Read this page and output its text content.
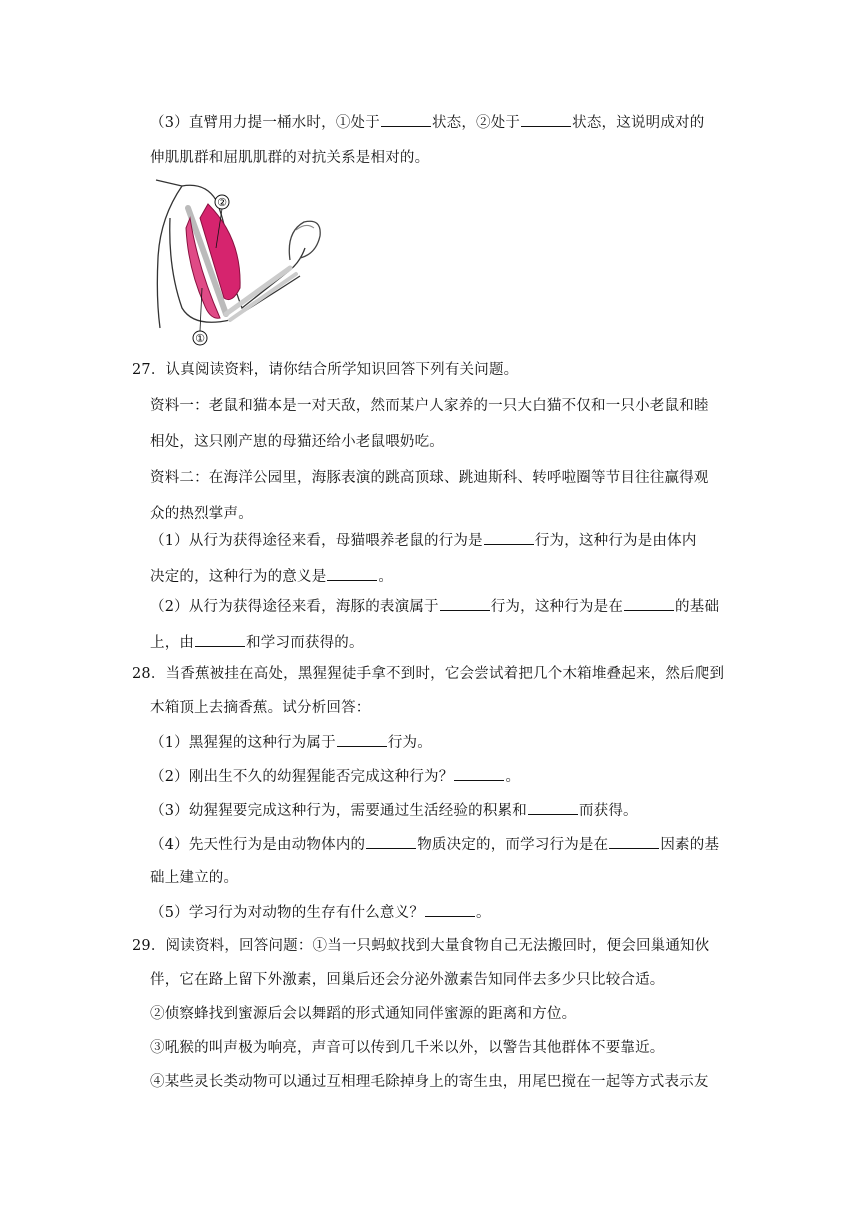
（3）直臂用力提一桶水时，①处于	状态，②处于	状态，这说明成对的
伸肌肌群和屈肌肌群的对抗关系是相对的。
②
①
27．认真阅读资料，请你结合所学知识回答下列有关问题。
资料一：老鼠和猫本是一对天敌，然而某户人家养的一只大白猫不仅和一只小老鼠和睦
相处，这只刚产崽的母猫还给小老鼠喂奶吃。
资料二：在海洋公园里，海豚表演的跳高顶球、跳迪斯科、转呼啦圈等节目往往赢得观
众的热烈掌声。
（1）从行为获得途径来看，母猫喂养老鼠的行为是	行为，这种行为是由体内
决定的，这种行为的意义是	。
（2）从行为获得途径来看，海豚的表演属于	行为，这种行为是在	的基础
上，由	和学习而获得的。
28．当香蕉被挂在高处，黑猩猩徒手拿不到时，它会尝试着把几个木箱堆叠起来，然后爬到
木箱顶上去摘香蕉。试分析回答：
（1）黑猩猩的这种行为属于	行为。
（2）刚出生不久的幼猩猩能否完成这种行为？	。
（3）幼猩猩要完成这种行为，需要通过生活经验的积累和	而获得。
（4）先天性行为是由动物体内的	物质决定的，而学习行为是在	因素的基
础上建立的。
（5）学习行为对动物的生存有什么意义？	。
29．阅读资料，回答问题：①当一只蚂蚁找到大量食物自己无法搬回时，便会回巢通知伙
伴，它在路上留下外激素，回巢后还会分泌外激素告知同伴去多少只比较合适。
②侦察蜂找到蜜源后会以舞蹈的形式通知同伴蜜源的距离和方位。
③吼猴的叫声极为响亮，声音可以传到几千米以外，以警告其他群体不要靠近。
④某些灵长类动物可以通过互相理毛除掉身上的寄生虫，用尾巴搅在一起等方式表示友
